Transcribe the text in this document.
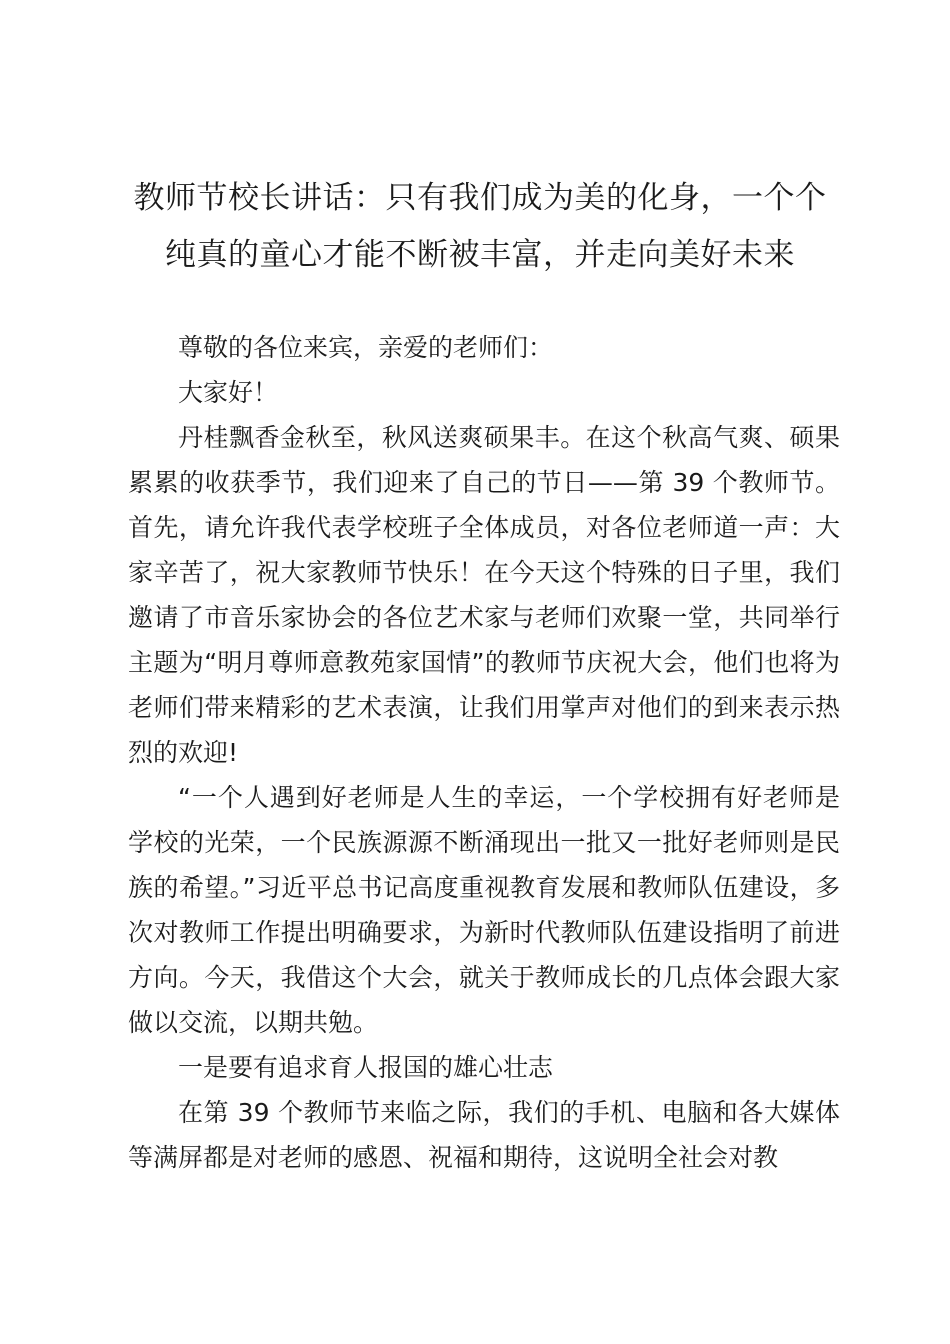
教师节校长讲话：只有我们成为美的化身，一个个纯真的童心才能不断被丰富，并走向美好未来

尊敬的各位来宾，亲爱的老师们：

大家好！

丹桂飘香金秋至，秋风送爽硕果丰。在这个秋高气爽、硕果累累的收获季节，我们迎来了自己的节日——第 39 个教师节。首先，请允许我代表学校班子全体成员，对各位老师道一声：大家辛苦了，祝大家教师节快乐！在今天这个特殊的日子里，我们邀请了市音乐家协会的各位艺术家与老师们欢聚一堂，共同举行主题为“明月尊师意教苑家国情”的教师节庆祝大会，他们也将为老师们带来精彩的艺术表演，让我们用掌声对他们的到来表示热烈的欢迎!

“一个人遇到好老师是人生的幸运，一个学校拥有好老师是学校的光荣，一个民族源源不断涌现出一批又一批好老师则是民族的希望。”习近平总书记高度重视教育发展和教师队伍建设，多次对教师工作提出明确要求，为新时代教师队伍建设指明了前进方向。今天，我借这个大会，就关于教师成长的几点体会跟大家做以交流，以期共勉。

一是要有追求育人报国的雄心壮志

在第 39 个教师节来临之际，我们的手机、电脑和各大媒体等满屏都是对老师的感恩、祝福和期待，这说明全社会对教
